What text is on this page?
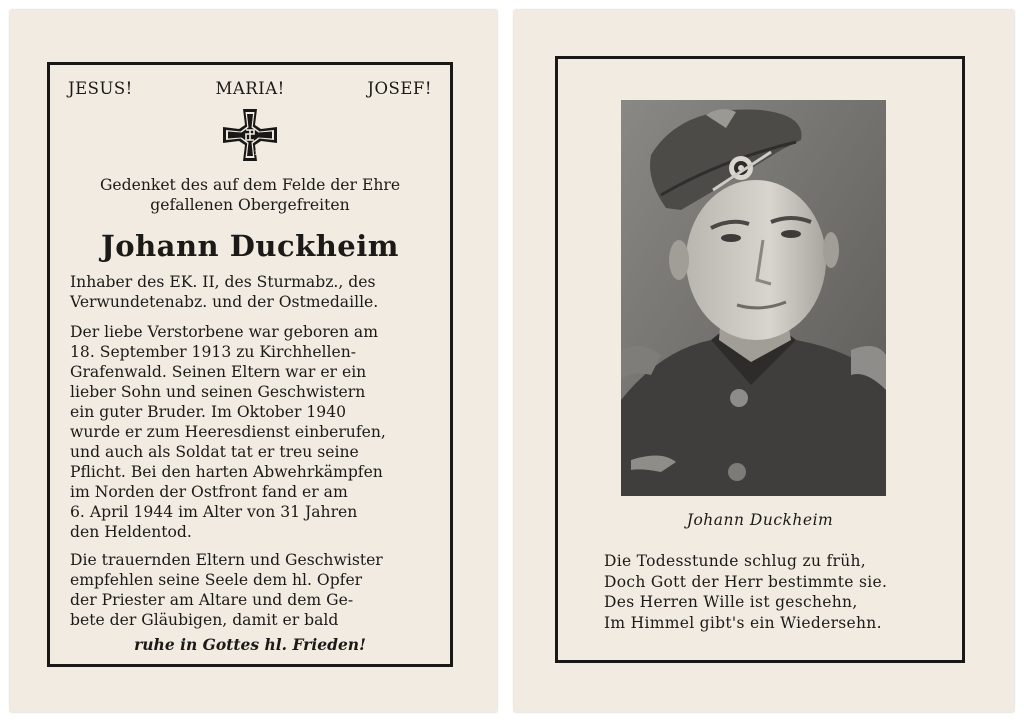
JESUS!	MARIA!	JOSEF!
1939
Gedenket des auf dem Felde der Ehre
gefallenen Obergefreiten
Johann Duckheim
Inhaber des EK. II, des Sturmabz., des
Verwundetenabz. und der Ostmedaille.
Der liebe Verstorbene war geboren am
18. September 1913 zu Kirchhellen-
Grafenwald. Seinen Eltern war er ein
lieber Sohn und seinen Geschwistern
ein guter Bruder. Im Oktober 1940
wurde er zum Heeresdienst einberufen,
und auch als Soldat tat er treu seine
Pflicht. Bei den harten Abwehrkämpfen
im Norden der Ostfront fand er am
6. April 1944 im Alter von 31 Jahren
den Heldentod.
Die trauernden Eltern und Geschwister
empfehlen seine Seele dem hl. Opfer
der Priester am Altare und dem Ge-
bete der Gläubigen, damit er bald
ruhe in Gottes hl. Frieden!
Johann Duckheim
Die Todesstunde schlug zu früh,
Doch Gott der Herr bestimmte sie.
Des Herren Wille ist geschehn,
Im Himmel gibt's ein Wiedersehn.
